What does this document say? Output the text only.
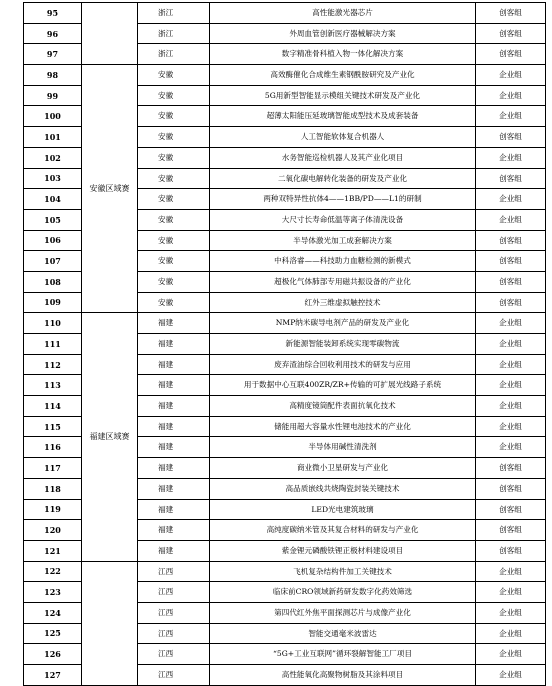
95		浙江	高性能激光器芯片	创客组
96		浙江	外周血管创新医疗器械解决方案	创客组
97		浙江	数字精准骨科植入物一体化解决方案	创客组
98	安徽区域赛	安徽	高效酶催化合成维生素钢酰胺研究及产业化	企业组
99		安徽	5G用新型智能显示模组关键技术研发及产业化	企业组
100		安徽	超薄太阳能压延玻璃智能成型技术及成套装备	企业组
101		安徽	人工智能软体复合机器人	创客组
102		安徽	水务智能巡检机器人及其产业化项目	企业组
103		安徽	二氧化碳电解转化装备的研发及产业化	创客组
104		安徽	两种双特异性抗体4——1BB/PD——L1的研制	企业组
105		安徽	大尺寸长寿命低温等离子体清洗设备	企业组
106		安徽	半导体激光加工成套解决方案	创客组
107		安徽	中科洛睿——科技助力血糖检测的新模式	创客组
108		安徽	超极化气体肺部专用磁共振设备的产业化	创客组
109		安徽	红外三维虚拟触控技术	创客组
110	福建区域赛	福建	NMP纳米碳导电剂产品的研发及产业化	企业组
111		福建	新能源智能装卸系统实现零碳物流	企业组
112		福建	废弃渣油综合回收利用技术的研发与应用	企业组
113		福建	用于数据中心互联400ZR/ZR+传输的可扩展光线路子系统	企业组
114		福建	高精度镜筒配件表面抗氧化技术	企业组
115		福建	储能用超大容量水性锂电池技术的产业化	企业组
116		福建	半导体用碱性清洗剂	企业组
117		福建	商业微小卫星研发与产业化	创客组
118		福建	高品质嵌线共烧陶瓷封装关键技术	创客组
119		福建	LED光电建筑玻璃	创客组
120		福建	高纯度碳纳米管及其复合材料的研发与产业化	创客组
121		福建	紫金锂元磷酸铁锂正极材料建设项目	创客组
122		江西	飞机复杂结构件加工关键技术	企业组
123		江西	临床前CRO领域新药研发数字化药效筛选	企业组
124		江西	第四代红外焦平面探测芯片与成像产业化	企业组
125		江西	智能交通毫米波雷达	企业组
126		江西	“5G+工业互联网”循环裂解智能工厂项目	企业组
127		江西	高性能氧化高聚物树脂及其涂料项目	企业组
